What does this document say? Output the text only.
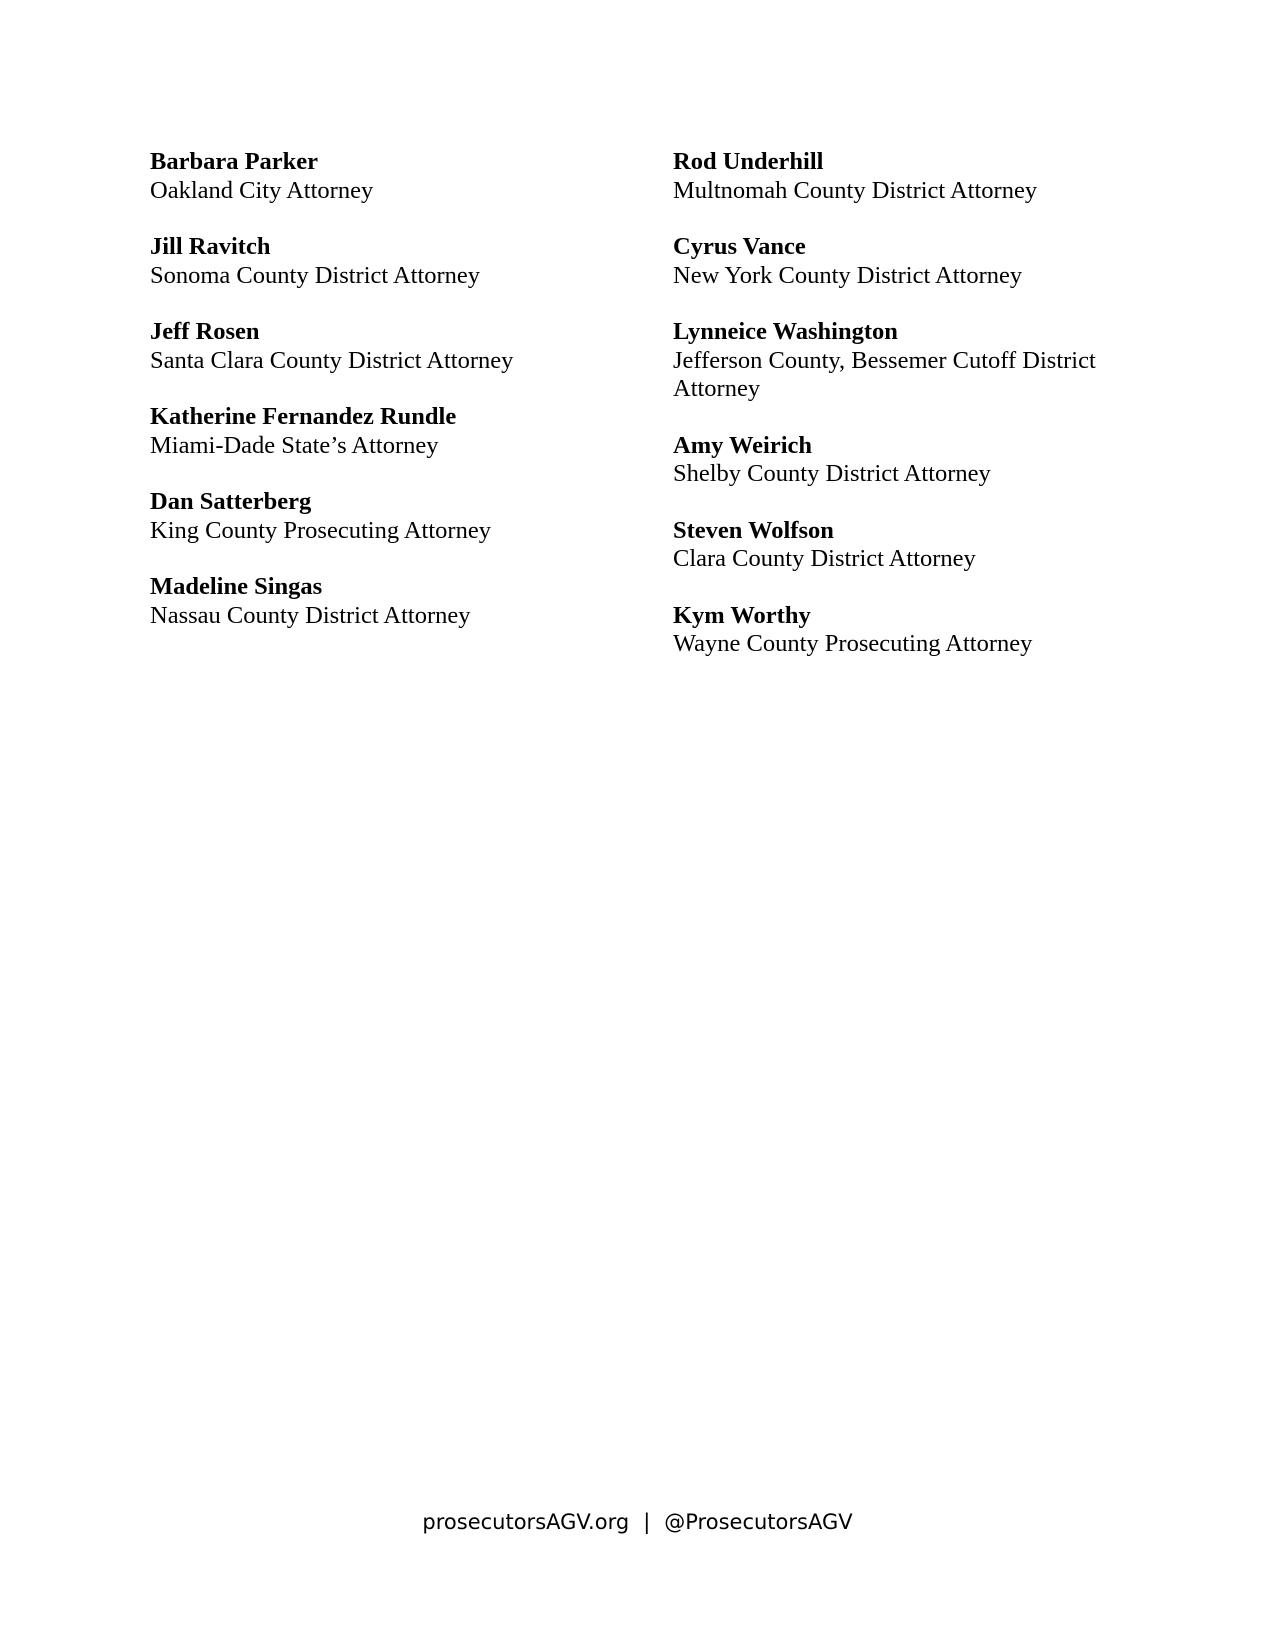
Barbara Parker
Oakland City Attorney
Jill Ravitch
Sonoma County District Attorney
Jeff Rosen
Santa Clara County District Attorney
Katherine Fernandez Rundle
Miami-Dade State’s Attorney
Dan Satterberg
King County Prosecuting Attorney
Madeline Singas
Nassau County District Attorney
Rod Underhill
Multnomah County District Attorney
Cyrus Vance
New York County District Attorney
Lynneice Washington
Jefferson County, Bessemer Cutoff District Attorney
Amy Weirich
Shelby County District Attorney
Steven Wolfson
Clara County District Attorney
Kym Worthy
Wayne County Prosecuting Attorney
prosecutorsAGV.org | @ProsecutorsAGV
